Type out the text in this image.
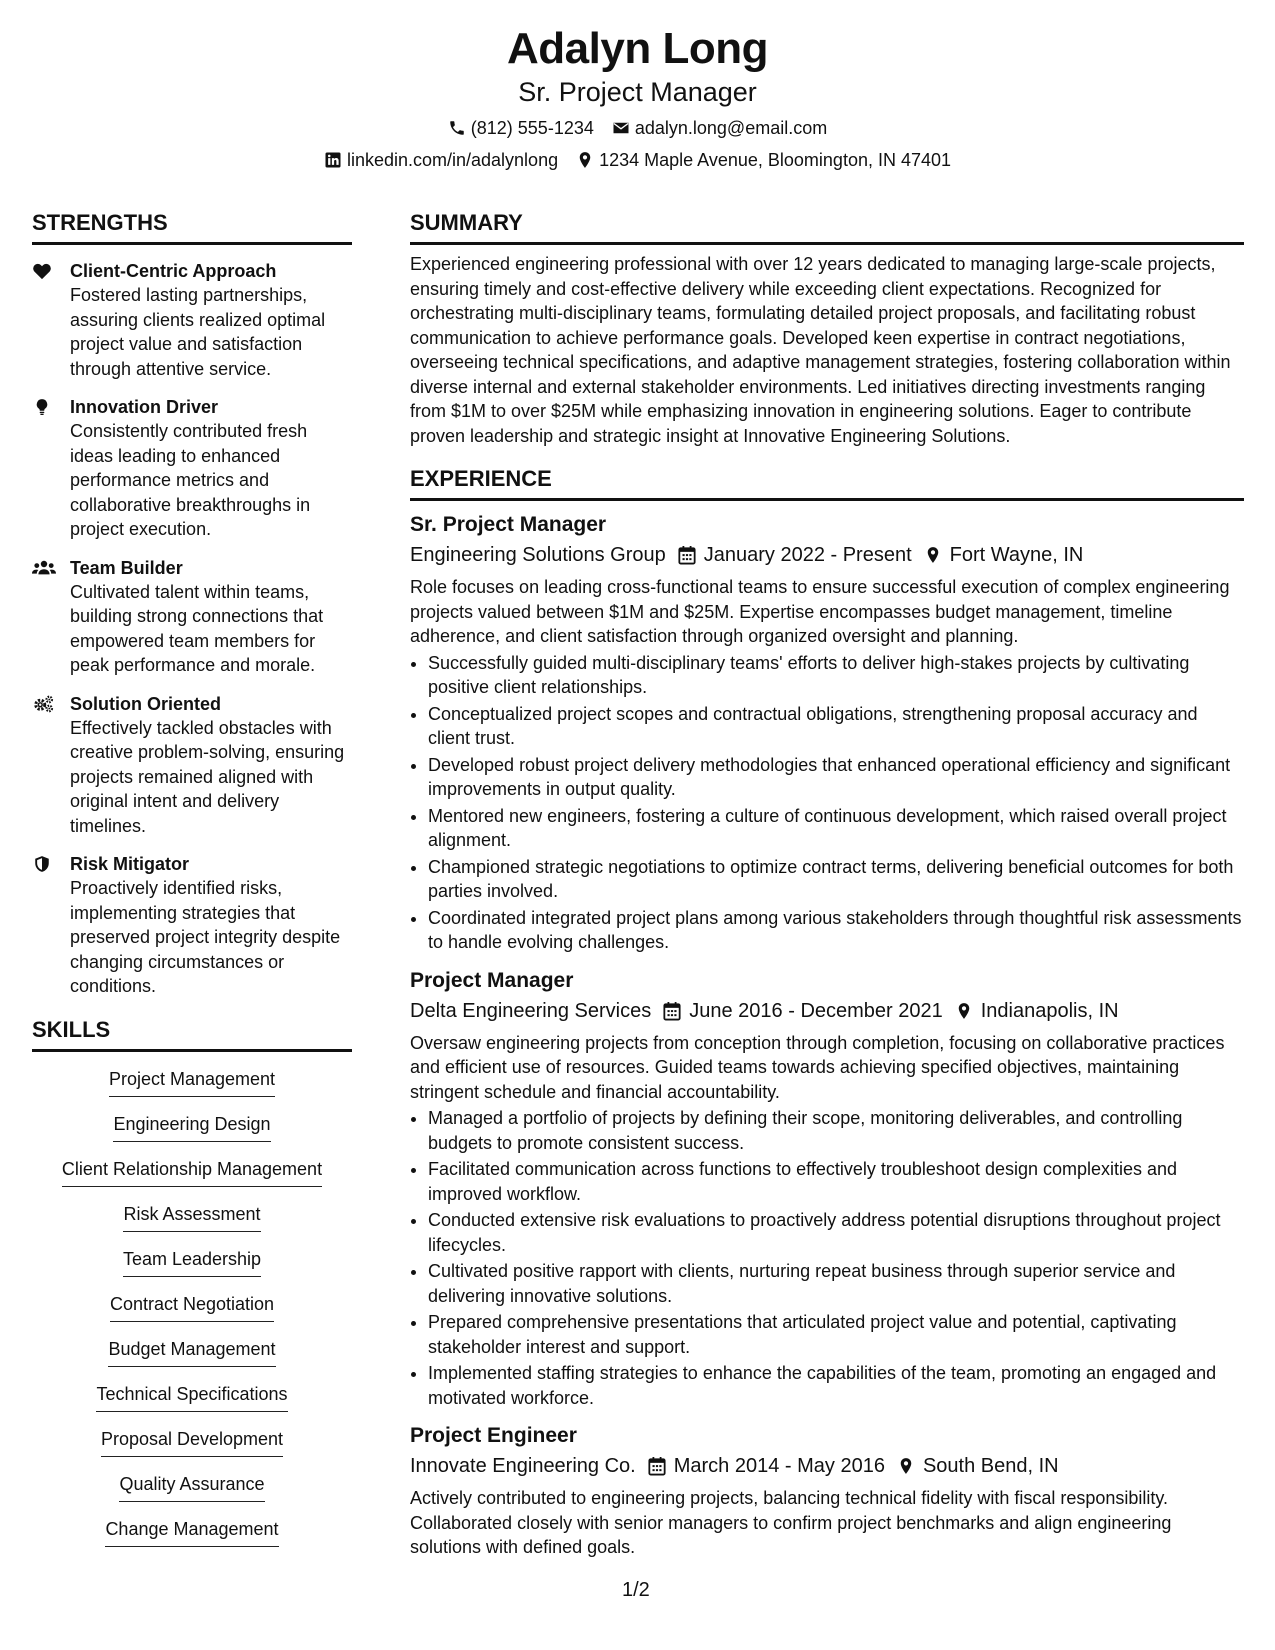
Adalyn Long
Sr. Project Manager
(812) 555-1234 adalyn.long@email.com
linkedin.com/in/adalynlong 1234 Maple Avenue, Bloomington, IN 47401
STRENGTHS
Client-Centric Approach
Fostered lasting partnerships, assuring clients realized optimal project value and satisfaction through attentive service.
Innovation Driver
Consistently contributed fresh ideas leading to enhanced performance metrics and collaborative breakthroughs in project execution.
Team Builder
Cultivated talent within teams, building strong connections that empowered team members for peak performance and morale.
Solution Oriented
Effectively tackled obstacles with creative problem-solving, ensuring projects remained aligned with original intent and delivery timelines.
Risk Mitigator
Proactively identified risks, implementing strategies that preserved project integrity despite changing circumstances or conditions.
SKILLS
Project Management
Engineering Design
Client Relationship Management
Risk Assessment
Team Leadership
Contract Negotiation
Budget Management
Technical Specifications
Proposal Development
Quality Assurance
Change Management
SUMMARY
Experienced engineering professional with over 12 years dedicated to managing large-scale projects, ensuring timely and cost-effective delivery while exceeding client expectations. Recognized for orchestrating multi-disciplinary teams, formulating detailed project proposals, and facilitating robust communication to achieve performance goals. Developed keen expertise in contract negotiations, overseeing technical specifications, and adaptive management strategies, fostering collaboration within diverse internal and external stakeholder environments. Led initiatives directing investments ranging from $1M to over $25M while emphasizing innovation in engineering solutions. Eager to contribute proven leadership and strategic insight at Innovative Engineering Solutions.
EXPERIENCE
Sr. Project Manager
Engineering Solutions Group January 2022 - Present Fort Wayne, IN
Role focuses on leading cross-functional teams to ensure successful execution of complex engineering projects valued between $1M and $25M. Expertise encompasses budget management, timeline adherence, and client satisfaction through organized oversight and planning.
• Successfully guided multi-disciplinary teams' efforts to deliver high-stakes projects by cultivating positive client relationships.
• Conceptualized project scopes and contractual obligations, strengthening proposal accuracy and client trust.
• Developed robust project delivery methodologies that enhanced operational efficiency and significant improvements in output quality.
• Mentored new engineers, fostering a culture of continuous development, which raised overall project alignment.
• Championed strategic negotiations to optimize contract terms, delivering beneficial outcomes for both parties involved.
• Coordinated integrated project plans among various stakeholders through thoughtful risk assessments to handle evolving challenges.
Project Manager
Delta Engineering Services June 2016 - December 2021 Indianapolis, IN
Oversaw engineering projects from conception through completion, focusing on collaborative practices and efficient use of resources. Guided teams towards achieving specified objectives, maintaining stringent schedule and financial accountability.
• Managed a portfolio of projects by defining their scope, monitoring deliverables, and controlling budgets to promote consistent success.
• Facilitated communication across functions to effectively troubleshoot design complexities and improved workflow.
• Conducted extensive risk evaluations to proactively address potential disruptions throughout project lifecycles.
• Cultivated positive rapport with clients, nurturing repeat business through superior service and delivering innovative solutions.
• Prepared comprehensive presentations that articulated project value and potential, captivating stakeholder interest and support.
• Implemented staffing strategies to enhance the capabilities of the team, promoting an engaged and motivated workforce.
Project Engineer
Innovate Engineering Co. March 2014 - May 2016 South Bend, IN
Actively contributed to engineering projects, balancing technical fidelity with fiscal responsibility. Collaborated closely with senior managers to confirm project benchmarks and align engineering solutions with defined goals.
1/2
